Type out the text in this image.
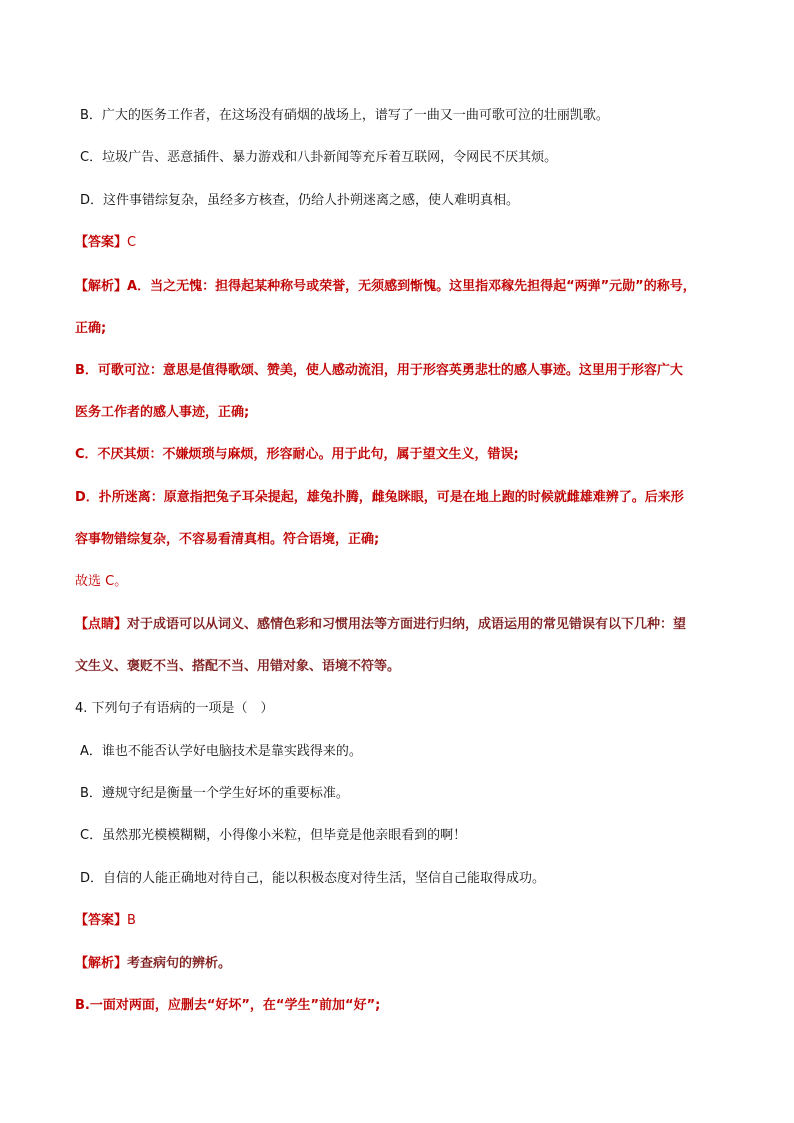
B．广大的医务工作者，在这场没有硝烟的战场上，谱写了一曲又一曲可歌可泣的壮丽凯歌。
C．垃圾广告、恶意插件、暴力游戏和八卦新闻等充斥着互联网，令网民不厌其烦。
D．这件事错综复杂，虽经多方核查，仍给人扑朔迷离之感，使人难明真相。
【答案】C
【解析】A．当之无愧：担得起某种称号或荣誉，无须感到惭愧。这里指邓稼先担得起“两弹”元勋”的称号，
正确;
B．可歌可泣：意思是值得歌颂、赞美，使人感动流泪，用于形容英勇悲壮的感人事迹。这里用于形容广大
医务工作者的感人事迹，正确;
C．不厌其烦：不嫌烦琐与麻烦，形容耐心。用于此句，属于望文生义，错误;
D．扑所迷离：原意指把兔子耳朵提起，雄兔扑腾，雌兔眯眼，可是在地上跑的时候就雌雄难辨了。后来形
容事物错综复杂，不容易看清真相。符合语境，正确;
故选 C。
【点睛】对于成语可以从词义、感情色彩和习惯用法等方面进行归纳，成语运用的常见错误有以下几种：望
文生义、褒贬不当、搭配不当、用错对象、语境不符等。
4. 下列句子有语病的一项是（　）
A．谁也不能否认学好电脑技术是靠实践得来的。
B．遵规守纪是衡量一个学生好坏的重要标准。
C．虽然那光模模糊糊，小得像小米粒，但毕竟是他亲眼看到的啊！
D．自信的人能正确地对待自己，能以积极态度对待生活，坚信自己能取得成功。
【答案】B
【解析】考查病句的辨析。
B.一面对两面，应删去“好坏”，在“学生”前加“好”;
